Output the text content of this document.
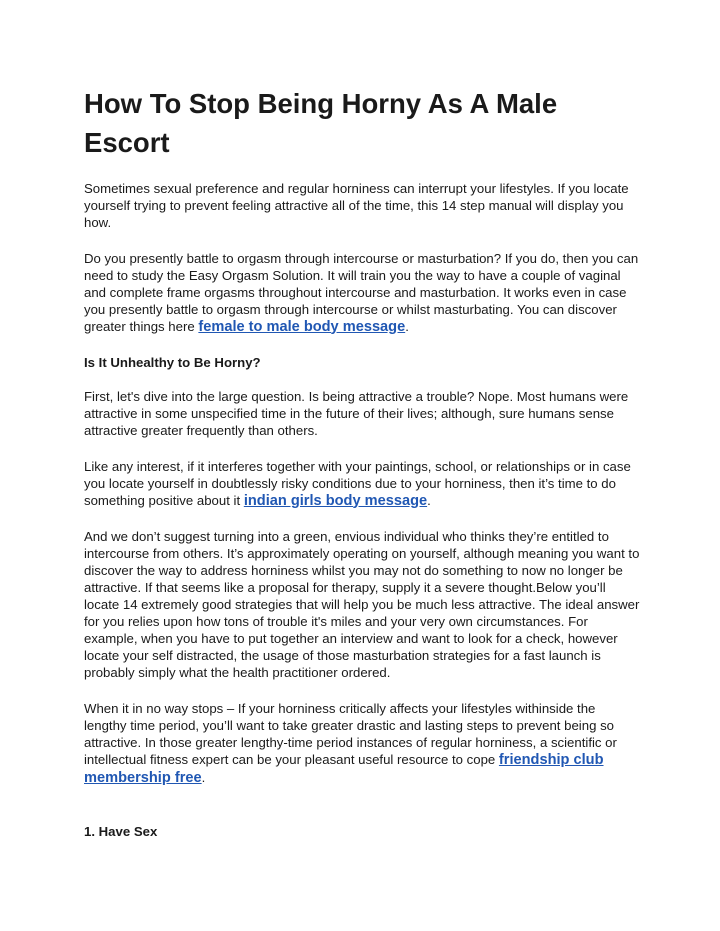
How To Stop Being Horny As A Male Escort

Sometimes sexual preference and regular horniness can interrupt your lifestyles. If you locate yourself trying to prevent feeling attractive all of the time, this 14 step manual will display you how.

Do you presently battle to orgasm through intercourse or masturbation? If you do, then you can need to study the Easy Orgasm Solution. It will train you the way to have a couple of vaginal and complete frame orgasms throughout intercourse and masturbation. It works even in case you presently battle to orgasm through intercourse or whilst masturbating. You can discover greater things here female to male body message.

Is It Unhealthy to Be Horny?

First, let's dive into the large question. Is being attractive a trouble? Nope. Most humans were attractive in some unspecified time in the future of their lives; although, sure humans sense attractive greater frequently than others.

Like any interest, if it interferes together with your paintings, school, or relationships or in case you locate yourself in doubtlessly risky conditions due to your horniness, then it’s time to do something positive about it indian girls body message.

And we don’t suggest turning into a green, envious individual who thinks they’re entitled to intercourse from others. It’s approximately operating on yourself, although meaning you want to discover the way to address horniness whilst you may not do something to now no longer be attractive. If that seems like a proposal for therapy, supply it a severe thought.Below you’ll locate 14 extremely good strategies that will help you be much less attractive. The ideal answer for you relies upon how tons of trouble it's miles and your very own circumstances. For example, when you have to put together an interview and want to look for a check, however locate your self distracted, the usage of those masturbation strategies for a fast launch is probably simply what the health practitioner ordered.

When it in no way stops – If your horniness critically affects your lifestyles withinside the lengthy time period, you’ll want to take greater drastic and lasting steps to prevent being so attractive. In those greater lengthy-time period instances of regular horniness, a scientific or intellectual fitness expert can be your pleasant useful resource to cope friendship club membership free.

1. Have Sex
